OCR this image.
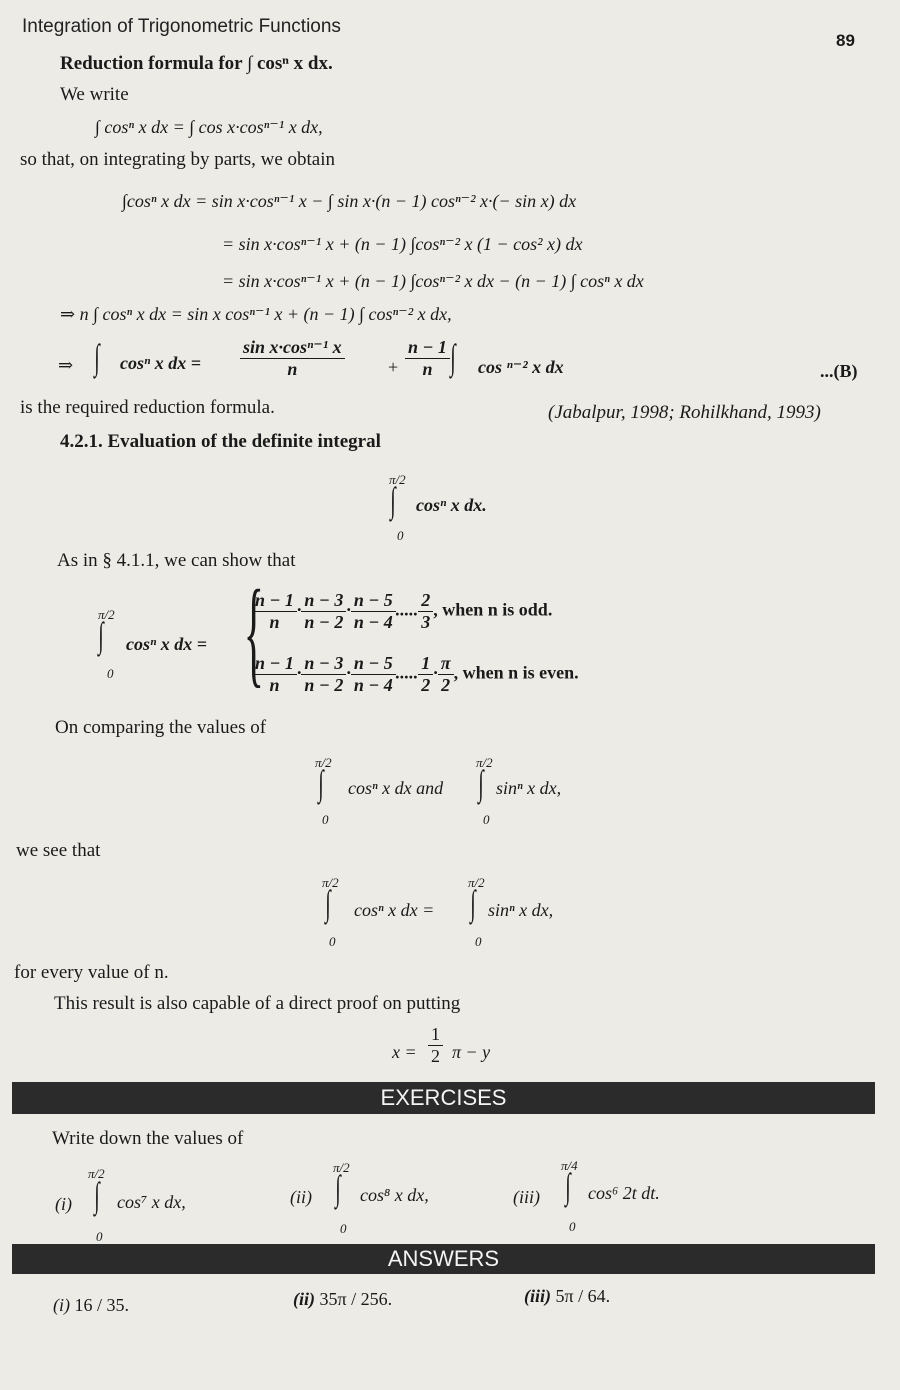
Integration of Trigonometric Functions
89
Reduction formula for ∫ cosⁿ x dx.
We write
∫ cosⁿ x dx = ∫ cos x·cosⁿ⁻¹ x dx,
so that, on integrating by parts, we obtain
∫cosⁿ x dx = sin x·cosⁿ⁻¹ x − ∫ sin x·(n − 1) cosⁿ⁻² x·(− sin x) dx
= sin x·cosⁿ⁻¹ x + (n − 1) ∫cosⁿ⁻² x (1 − cos² x) dx
= sin x·cosⁿ⁻¹ x + (n − 1) ∫cosⁿ⁻² x dx − (n − 1) ∫ cosⁿ x dx
⇒ n ∫ cosⁿ x dx = sin x cosⁿ⁻¹ x + (n − 1) ∫ cosⁿ⁻² x dx,
⇒ ∫ cosⁿ x dx = $\frac{\text{sin x·cosⁿ⁻¹ x}}{n} + \frac{n - 1}{n}$ ∫ cos ⁿ⁻² x dx	...(B)
is the required reduction formula.	(Jabalpur, 1998; Rohilkhand, 1993)
4.2.1. Evaluation of the definite integral
π/2
∫
0
cosⁿ x dx.
As in § 4.1.1, we can show that
π/2
∫
0
cosⁿ x dx = {
$\frac{n - 1}{n} \cdot \frac{n - 3}{n - 2} \cdot \frac{n - 5}{n - 4}$ ..... $\frac{2}{3}$ , when n is odd.
$\frac{n - 1}{n} \cdot \frac{n - 3}{n - 2} \cdot \frac{n - 5}{n - 4}$ ..... $\frac{1}{2} \cdot \frac{\pi}{2}$ , when n is even.
On comparing the values of
π/2
∫
0
cosⁿ x dx and
π/2
∫
0
sinⁿ x dx,
we see that
π/2
∫
0
cosⁿ x dx =
π/2
∫
0
sinⁿ x dx,
for every value of n.
This result is also capable of a direct proof on putting
$x = \frac{1}{2}$ π − y
EXERCISES
Write down the values of
(i)
π/2
∫
0
cos⁷ x dx,	(ii)
π/2
∫
0
cos⁸ x dx,	(iii)
π/4
∫
0
cos⁶ 2t dt.
ANSWERS
(i) 16 / 35.	(ii) 35π / 256.	(iii) 5π / 64.
